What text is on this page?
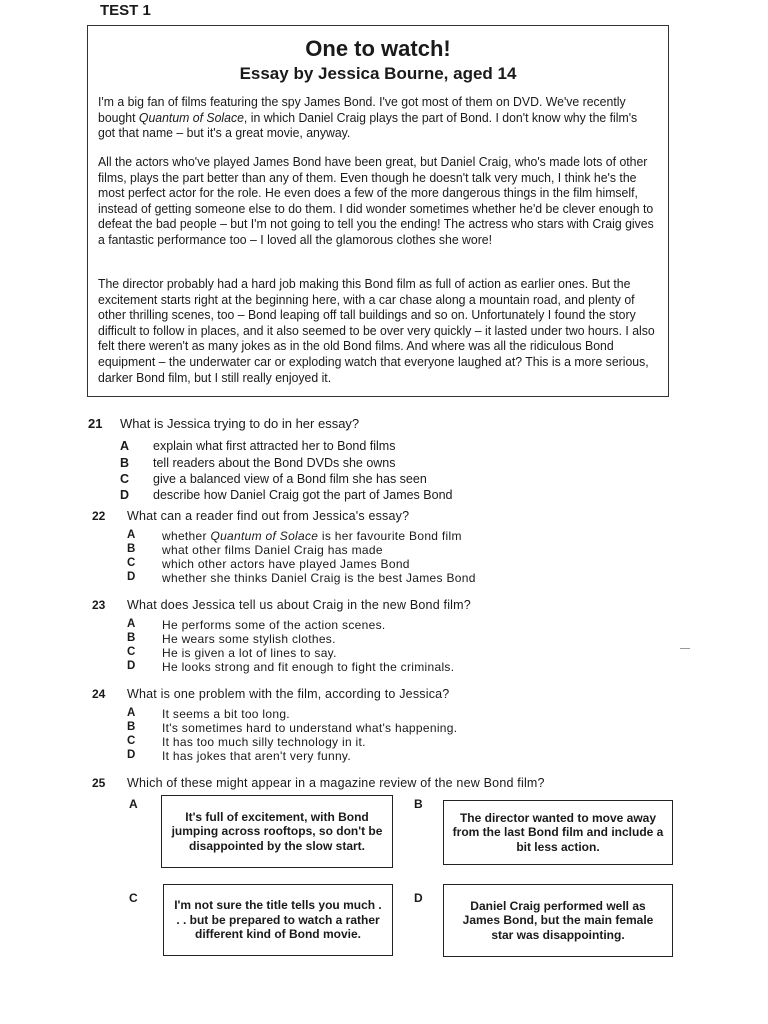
TEST 1
One to watch!
Essay by Jessica Bourne, aged 14

I'm a big fan of films featuring the spy James Bond. I've got most of them on DVD. We've recently bought Quantum of Solace, in which Daniel Craig plays the part of Bond. I don't know why the film's got that name – but it's a great movie, anyway.

All the actors who've played James Bond have been great, but Daniel Craig, who's made lots of other films, plays the part better than any of them. Even though he doesn't talk very much, I think he's the most perfect actor for the role. He even does a few of the more dangerous things in the film himself, instead of getting someone else to do them. I did wonder sometimes whether he'd be clever enough to defeat the bad people – but I'm not going to tell you the ending! The actress who stars with Craig gives a fantastic performance too – I loved all the glamorous clothes she wore!

The director probably had a hard job making this Bond film as full of action as earlier ones. But the excitement starts right at the beginning here, with a car chase along a mountain road, and plenty of other thrilling scenes, too – Bond leaping off tall buildings and so on. Unfortunately I found the story difficult to follow in places, and it also seemed to be over very quickly – it lasted under two hours. I also felt there weren't as many jokes as in the old Bond films. And where was all the ridiculous Bond equipment – the underwater car or exploding watch that everyone laughed at? This is a more serious, darker Bond film, but I still really enjoyed it.

21 What is Jessica trying to do in her essay?
A explain what first attracted her to Bond films
B tell readers about the Bond DVDs she owns
C give a balanced view of a Bond film she has seen
D describe how Daniel Craig got the part of James Bond
22 What can a reader find out from Jessica's essay?
A whether Quantum of Solace is her favourite Bond film
B what other films Daniel Craig has made
C which other actors have played James Bond
D whether she thinks Daniel Craig is the best James Bond
23 What does Jessica tell us about Craig in the new Bond film?
A He performs some of the action scenes.
B He wears some stylish clothes.
C He is given a lot of lines to say.
D He looks strong and fit enough to fight the criminals.
24 What is one problem with the film, according to Jessica?
A It seems a bit too long.
B It's sometimes hard to understand what's happening.
C It has too much silly technology in it.
D It has jokes that aren't very funny.
25 Which of these might appear in a magazine review of the new Bond film?
A
It's full of excitement, with Bond jumping across rooftops, so don't be disappointed by the slow start.
B
The director wanted to move away from the last Bond film and include a bit less action.
C
I'm not sure the title tells you much . . . but be prepared to watch a rather different kind of Bond movie.
D
Daniel Craig performed well as James Bond, but the main female star was disappointing.
